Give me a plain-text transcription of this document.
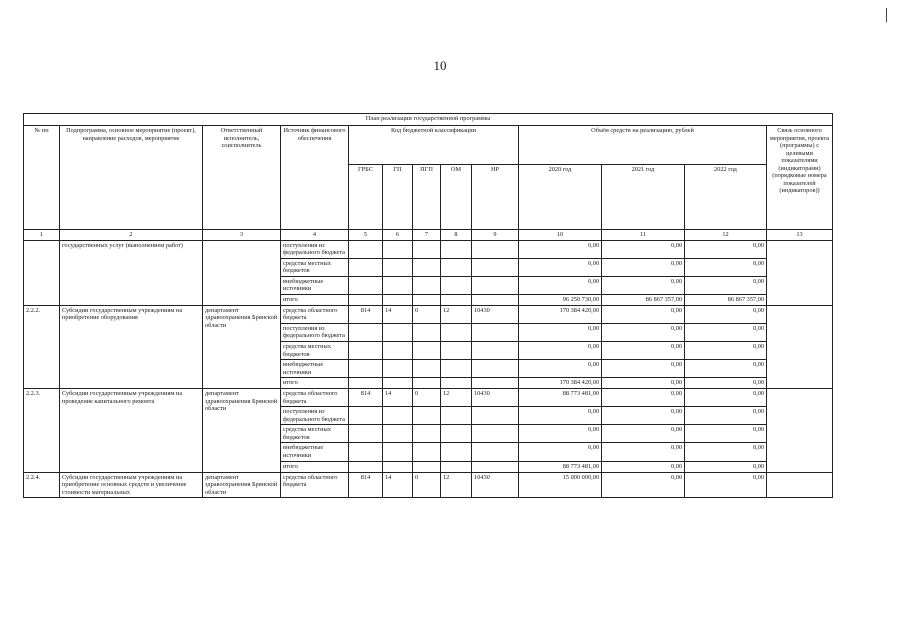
10
План реализации государственной программы												
№ пп	Подпрограмма, основное мероприятие (проект), направление расходов, мероприятие	Ответственный исполнитель, соисполнитель	Источник финансового обеспечения	Код бюджетной классификации					Объём средств на реализацию, рублей			Связь основного мероприятия, проекта (программы) с целевыми показателями (индикаторами) (порядковые номера показателей (индикаторов))
				ГРБС	ГП	ПГП	ОМ	НР	2020 год	2021 год	2022 год	
1	2	3	4	5	6	7	8	9	10	11	12	13
	государственных услуг (выполнением работ)		поступления из федерального бюджета						0,00	0,00	0,00	
			средства местных бюджетов						0,00	0,00	0,00	
			внебюджетные источники						0,00	0,00	0,00	
			итого						96 250 730,00	86 867 357,00	86 867 357,00	
2.2.2.	Субсидии государственным учреждениям на приобретение оборудования	департамент здравоохранения Брянской области	средства областного бюджета	814	14	0	12	10430	170 384 420,00	0,00	0,00	
			поступления из федерального бюджета						0,00	0,00	0,00	
			средства местных бюджетов						0,00	0,00	0,00	
			внебюджетные источники						0,00	0,00	0,00	
			итого						170 384 420,00	0,00	0,00	
2.2.3.	Субсидии государственным учреждениям на проведение капитального ремонта	департамент здравоохранения Брянской области	средства областного бюджета	814	14	0	12	10430	88 773 481,00	0,00	0,00	
			поступления из федерального бюджета						0,00	0,00	0,00	
			средства местных бюджетов						0,00	0,00	0,00	
			внебюджетные источники						0,00	0,00	0,00	
			итого						88 773 481,00	0,00	0,00	
2.2.4.	Субсидии государственным учреждениям на приобретение основных средств и увеличение стоимости материальных	департамент здравоохранения Брянской области	средства областного бюджета	814	14	0	12	10430	15 000 000,00	0,00	0,00	
